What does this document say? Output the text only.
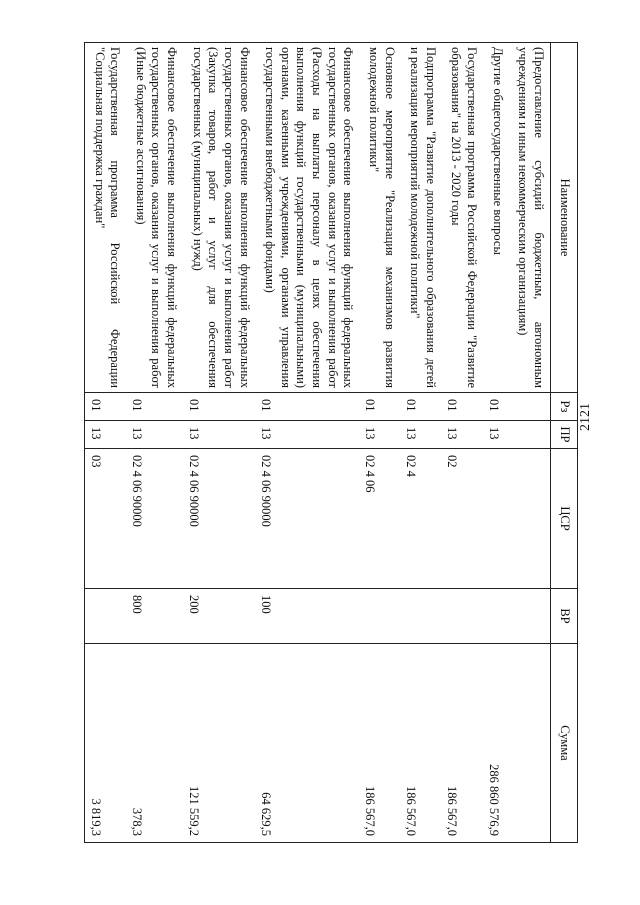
2121
Наименование	Рз	ПР	ЦСР	ВР	Сумма
(Предоставление субсидий бюджетным, автономным учреждениям и иным некоммерческим организациям)					
Другие общегосударственные вопросы	01	13			286 860 576,9
Государственная программа Российской Федерации "Развитие образования" на 2013 - 2020 годы	01	13	02		186 567,0
Подпрограмма "Развитие дополнительного образования детей и реализация мероприятий молодежной политики"	01	13	02 4		186 567,0
Основное мероприятие "Реализация механизмов развития молодежной политики"	01	13	02 4 06		186 567,0
Финансовое обеспечение выполнения функций федеральных государственных органов, оказания услуг и выполнения работ (Расходы на выплаты персоналу в целях обеспечения выполнения функций государственными (муниципальными) органами, казенными учреждениями, органами управления государственными внебюджетными фондами)	01	13	02 4 06 90000	100	64 629,5
Финансовое обеспечение выполнения функций федеральных государственных органов, оказания услуг и выполнения работ (Закупка товаров, работ и услуг для обеспечения государственных (муниципальных) нужд)	01	13	02 4 06 90000	200	121 559,2
Финансовое обеспечение выполнения функций федеральных государственных органов, оказания услуг и выполнения работ (Иные бюджетные ассигнования)	01	13	02 4 06 90000	800	378,3
Государственная программа Российской Федерации "Социальная поддержка граждан"	01	13	03		3 819,3
